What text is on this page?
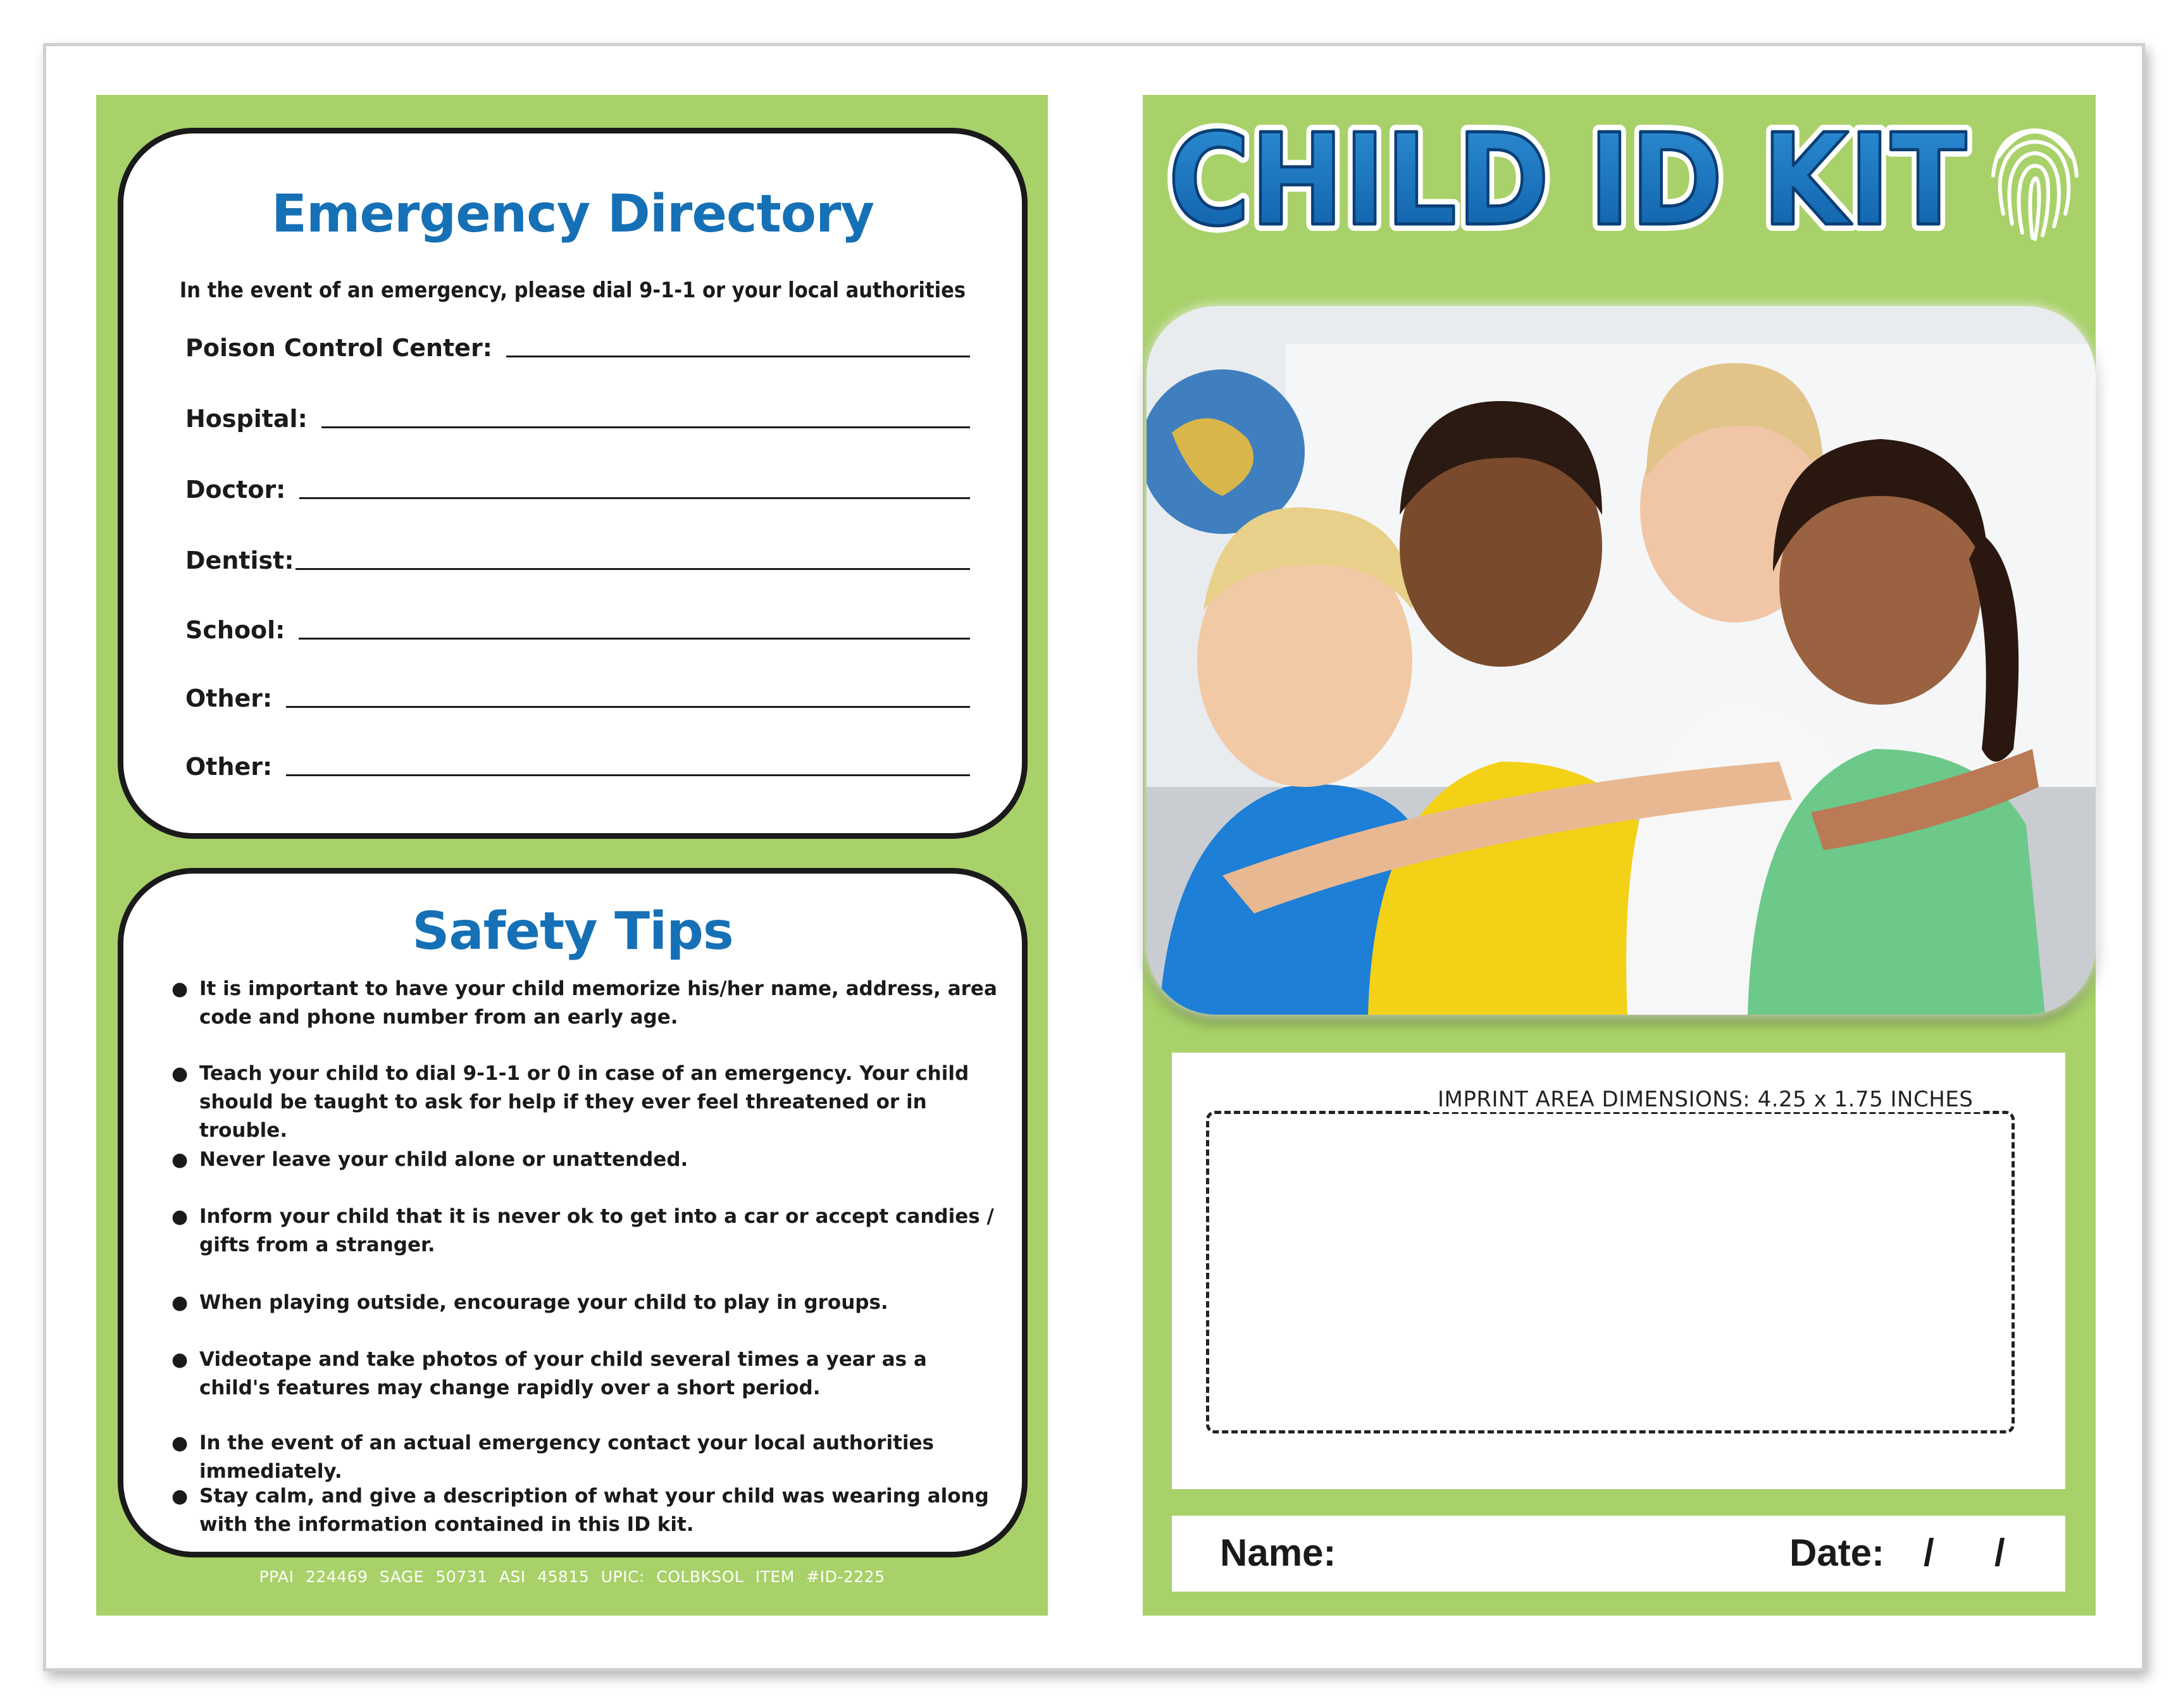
Emergency Directory
In the event of an emergency, please dial 9-1-1 or your local authorities
Poison Control Center:
Hospital:
Doctor:
Dentist:
School:
Other:
Other:
Safety Tips
● It is important to have your child memorize his/her name, address, area code and phone number from an early age.
● Teach your child to dial 9-1-1 or 0 in case of an emergency. Your child should be taught to ask for help if they ever feel threatened or in trouble.
● Never leave your child alone or unattended.
● Inform your child that it is never ok to get into a car or accept candies / gifts from a stranger.
● When playing outside, encourage your child to play in groups.
● Videotape and take photos of your child several times a year as a child's features may change rapidly over a short period.
● In the event of an actual emergency contact your local authorities immediately.
● Stay calm, and give a description of what your child was wearing along with the information contained in this ID kit.
PPAI 224469 SAGE 50731 ASI 45815 UPIC: COLBKSOL ITEM #ID-2225
CHILD ID KIT
CHILD ID KIT
IMPRINT AREA DIMENSIONS: 4.25 x 1.75 INCHES
Name:	Date: / /
